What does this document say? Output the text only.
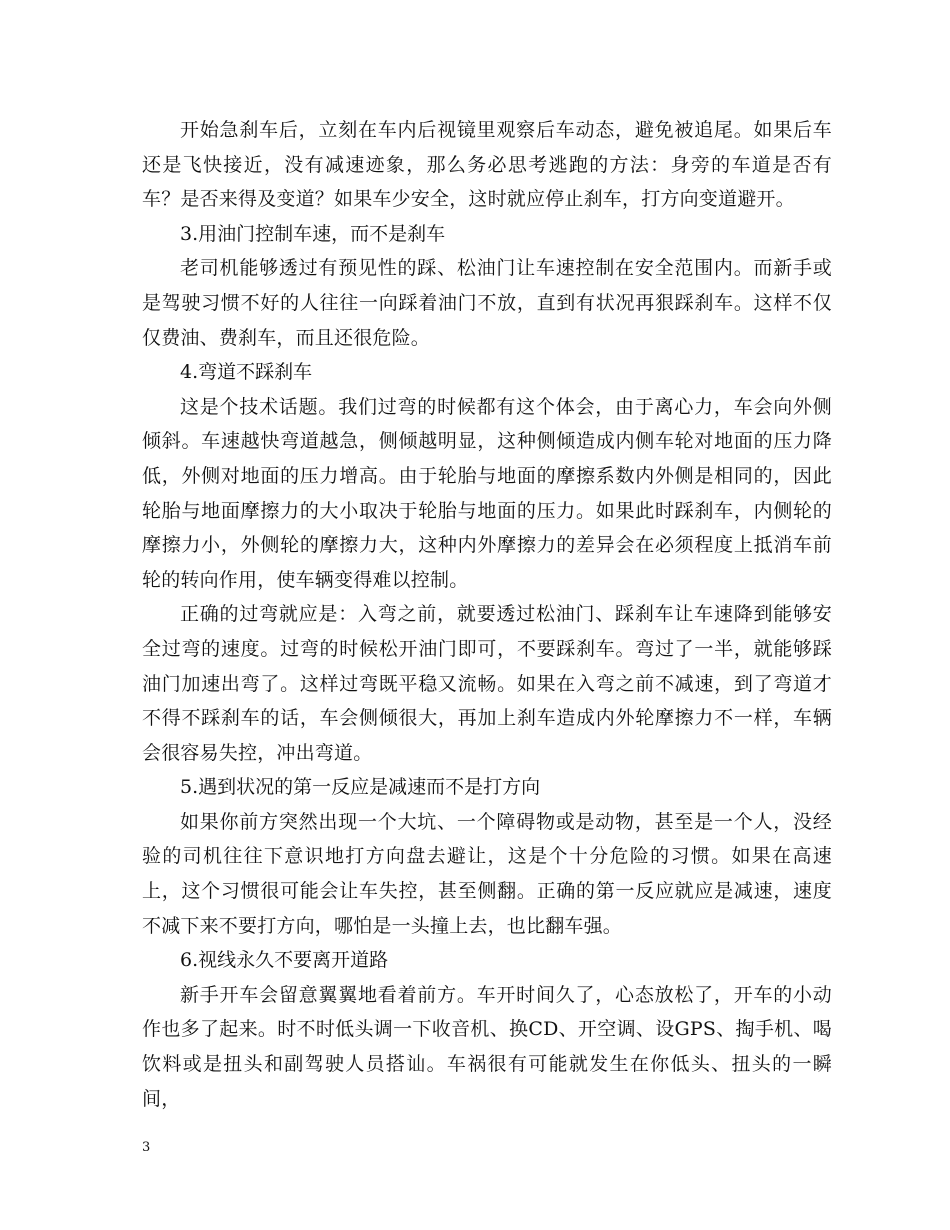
开始急刹车后，立刻在车内后视镜里观察后车动态，避免被追尾。如果后车还是飞快接近，没有减速迹象，那么务必思考逃跑的方法：身旁的车道是否有车？是否来得及变道？如果车少安全，这时就应停止刹车，打方向变道避开。

3.用油门控制车速，而不是刹车

老司机能够透过有预见性的踩、松油门让车速控制在安全范围内。而新手或是驾驶习惯不好的人往往一向踩着油门不放，直到有状况再狠踩刹车。这样不仅仅费油、费刹车，而且还很危险。

4.弯道不踩刹车

这是个技术话题。我们过弯的时候都有这个体会，由于离心力，车会向外侧倾斜。车速越快弯道越急，侧倾越明显，这种侧倾造成内侧车轮对地面的压力降低，外侧对地面的压力增高。由于轮胎与地面的摩擦系数内外侧是相同的，因此轮胎与地面摩擦力的大小取决于轮胎与地面的压力。如果此时踩刹车，内侧轮的摩擦力小，外侧轮的摩擦力大，这种内外摩擦力的差异会在必须程度上抵消车前轮的转向作用，使车辆变得难以控制。

正确的过弯就应是：入弯之前，就要透过松油门、踩刹车让车速降到能够安全过弯的速度。过弯的时候松开油门即可，不要踩刹车。弯过了一半，就能够踩油门加速出弯了。这样过弯既平稳又流畅。如果在入弯之前不减速，到了弯道才不得不踩刹车的话，车会侧倾很大，再加上刹车造成内外轮摩擦力不一样，车辆会很容易失控，冲出弯道。

5.遇到状况的第一反应是减速而不是打方向

如果你前方突然出现一个大坑、一个障碍物或是动物，甚至是一个人，没经验的司机往往下意识地打方向盘去避让，这是个十分危险的习惯。如果在高速上，这个习惯很可能会让车失控，甚至侧翻。正确的第一反应就应是减速，速度不减下来不要打方向，哪怕是一头撞上去，也比翻车强。

6.视线永久不要离开道路

新手开车会留意翼翼地看着前方。车开时间久了，心态放松了，开车的小动作也多了起来。时不时低头调一下收音机、换CD、开空调、设GPS、掏手机、喝饮料或是扭头和副驾驶人员搭讪。车祸很有可能就发生在你低头、扭头的一瞬间，

3
